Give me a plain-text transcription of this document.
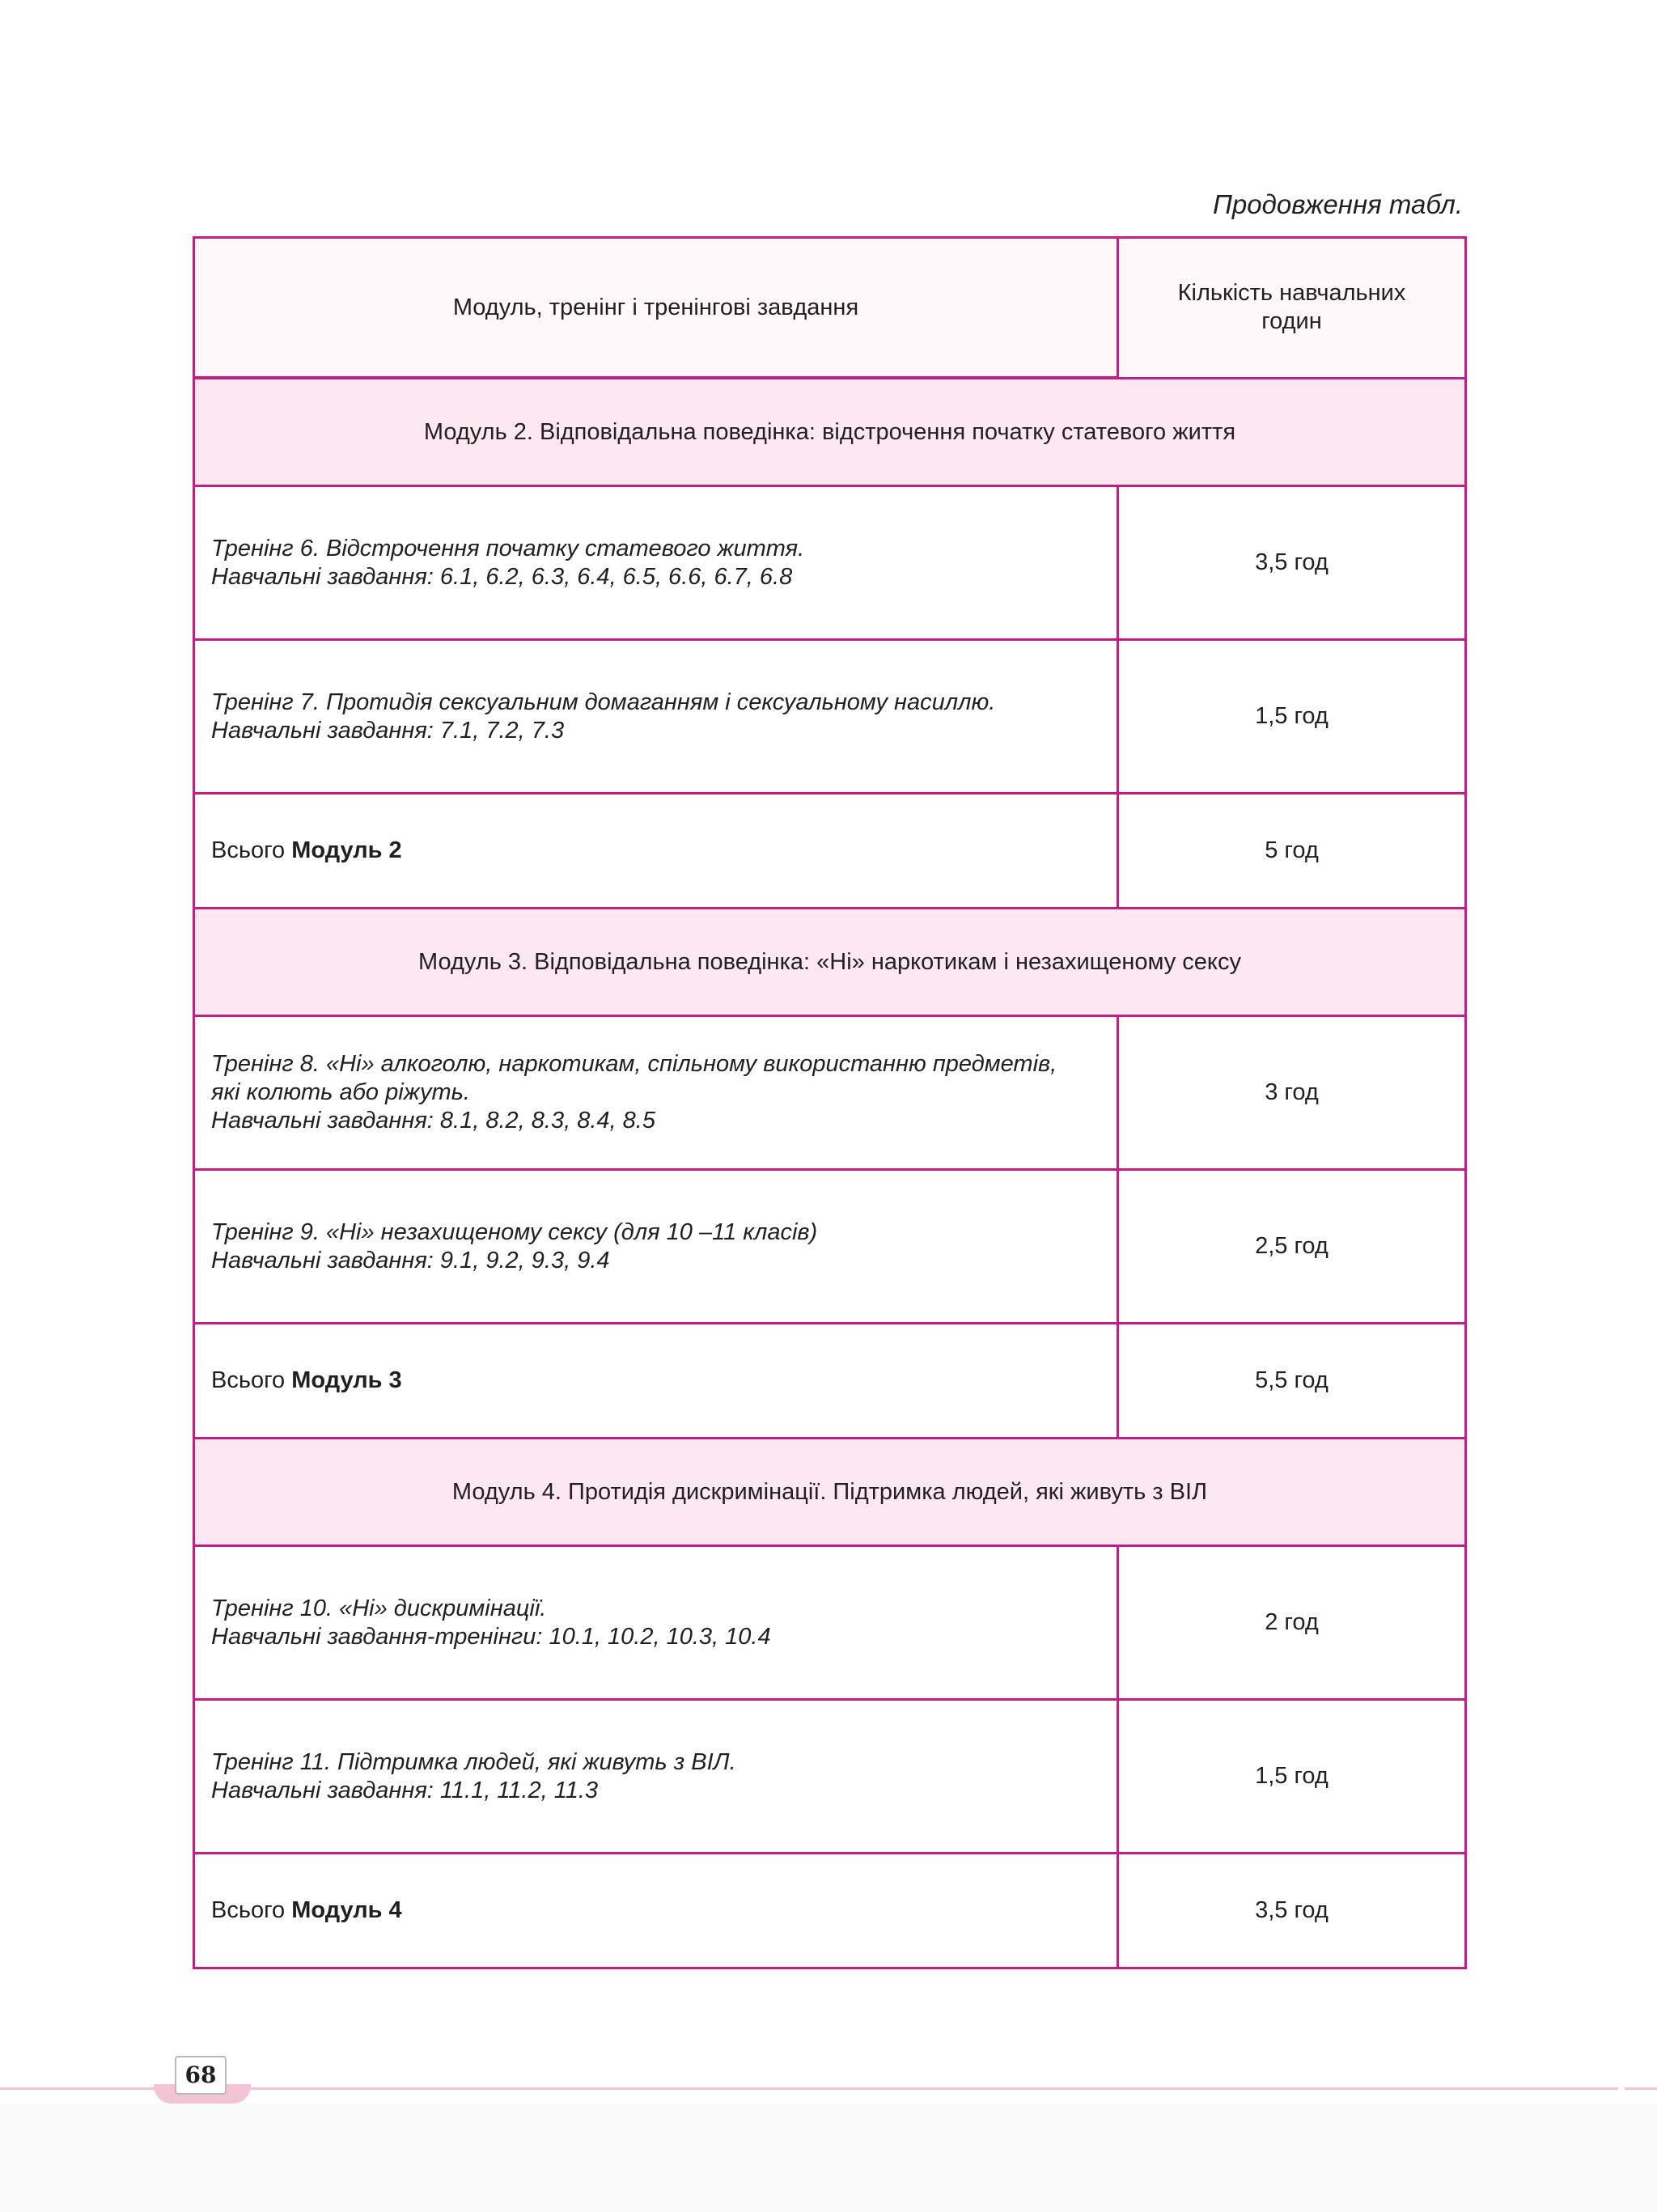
Продовження табл.
Модуль, тренінг і тренінгові завдання	Кількість навчальних
годин

Модуль 2. Відповідальна поведінка: відстрочення початку статевого життя	

Тренінг 6. Відстрочення початку статевого життя.
Навчальні завдання: 6.1, 6.2, 6.3, 6.4, 6.5, 6.6, 6.7, 6.8	3,5 год

Тренінг 7. Протидія сексуальним домаганням і сексуальному насиллю.
Навчальні завдання: 7.1, 7.2, 7.3	1,5 год
Всього Модуль 2	5 год
Модуль 3. Відповідальна поведінка: «Ні» наркотикам і незахищеному сексу	

Тренінг 8. «Ні» алкоголю, наркотикам, спільному використанню предметів,
які колють або ріжуть.
Навчальні завдання: 8.1, 8.2, 8.3, 8.4, 8.5	3 год

Тренінг 9. «Ні» незахищеному сексу (для 10 –11 класів)
Навчальні завдання: 9.1, 9.2, 9.3, 9.4	2,5 год
Всього Модуль 3	5,5 год
Модуль 4. Протидія дискримінації. Підтримка людей, які живуть з ВІЛ	

Тренінг 10. «Ні» дискримінації.
Навчальні завдання-тренінги: 10.1, 10.2, 10.3, 10.4	2 год

Тренінг 11. Підтримка людей, які живуть з ВІЛ.
Навчальні завдання: 11.1, 11.2, 11.3	1,5 год
Всього Модуль 4	3,5 год
68
